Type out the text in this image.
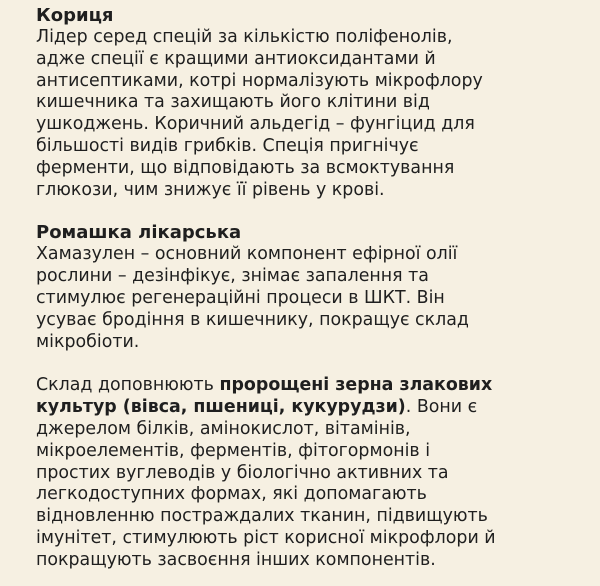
Кориця
Лідер серед спецій за кількістю поліфенолів,
адже спеції є кращими антиоксидантами й
антисептиками, котрі нормалізують мікрофлору
кишечника та захищають його клітини від
ушкоджень. Коричний альдегід – фунгіцид для
більшості видів грибків. Спеція пригнічує
ферменти, що відповідають за всмоктування
глюкози, чим знижує її рівень у крові.
Ромашка лікарська
Хамазулен – основний компонент ефірної олії
рослини – дезінфікує, знімає запалення та
стимулює регенераційні процеси в ШКТ. Він
усуває бродіння в кишечнику, покращує склад
мікробіоти.
Склад доповнюють пророщені зерна злакових
культур (вівса, пшениці, кукурудзи). Вони є
джерелом білків, амінокислот, вітамінів,
мікроелементів, ферментів, фітогормонів і
простих вуглеводів у біологічно активних та
легкодоступних формах, які допомагають
відновленню постраждалих тканин, підвищують
імунітет, стимулюють ріст корисної мікрофлори й
покращують засвоєння інших компонентів.
